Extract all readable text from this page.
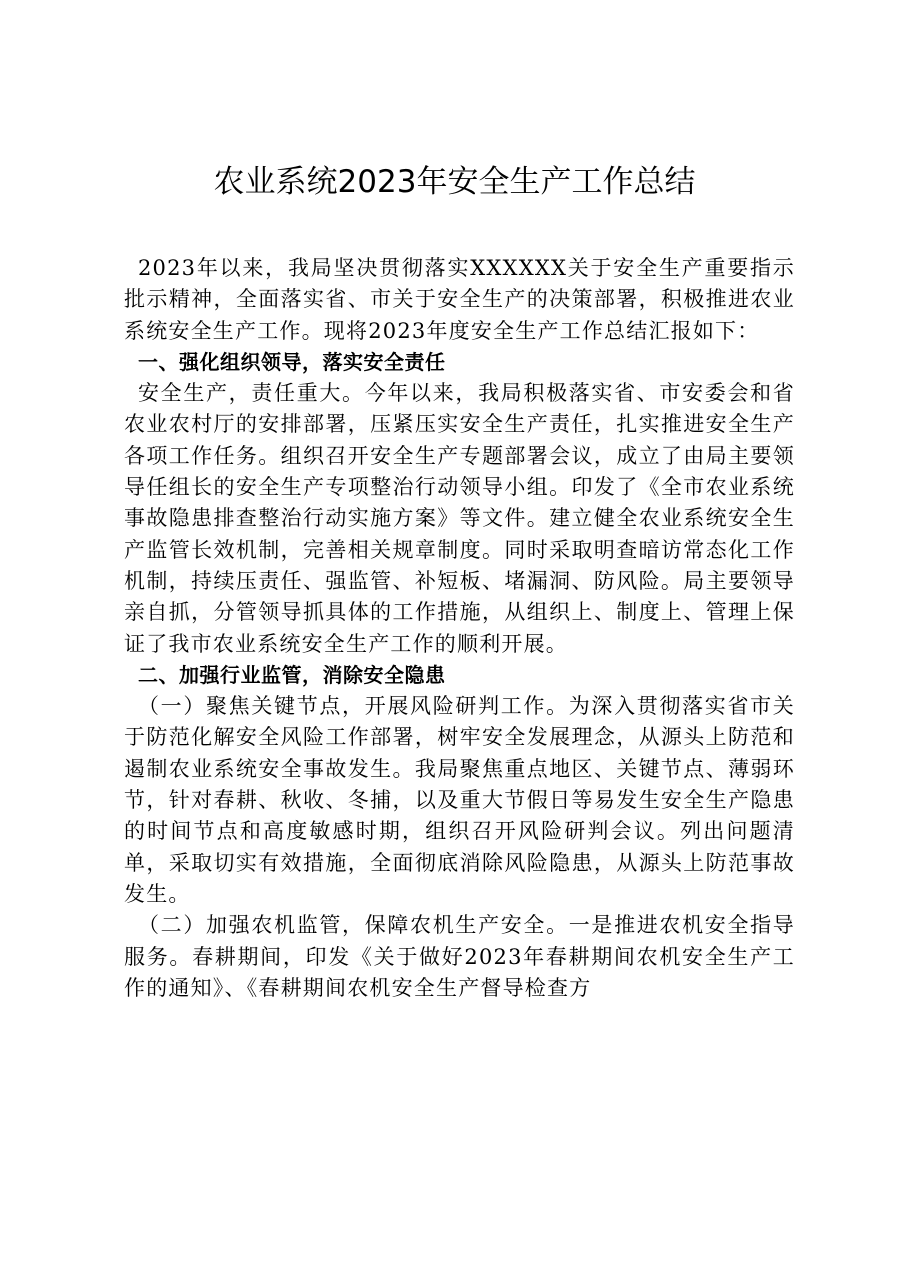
农业系统2023年安全生产工作总结

2023年以来，我局坚决贯彻落实XXXXXX关于安全生产重要指示批示精神，全面落实省、市关于安全生产的决策部署，积极推进农业系统安全生产工作。现将2023年度安全生产工作总结汇报如下：

一、强化组织领导，落实安全责任

安全生产，责任重大。今年以来，我局积极落实省、市安委会和省农业农村厅的安排部署，压紧压实安全生产责任，扎实推进安全生产各项工作任务。组织召开安全生产专题部署会议，成立了由局主要领导任组长的安全生产专项整治行动领导小组。印发了《全市农业系统事故隐患排查整治行动实施方案》等文件。建立健全农业系统安全生产监管长效机制，完善相关规章制度。同时采取明查暗访常态化工作机制，持续压责任、强监管、补短板、堵漏洞、防风险。局主要领导亲自抓，分管领导抓具体的工作措施，从组织上、制度上、管理上保证了我市农业系统安全生产工作的顺利开展。

二、加强行业监管，消除安全隐患

（一）聚焦关键节点，开展风险研判工作。为深入贯彻落实省市关于防范化解安全风险工作部署，树牢安全发展理念，从源头上防范和遏制农业系统安全事故发生。我局聚焦重点地区、关键节点、薄弱环节，针对春耕、秋收、冬捕，以及重大节假日等易发生安全生产隐患的时间节点和高度敏感时期，组织召开风险研判会议。列出问题清单，采取切实有效措施，全面彻底消除风险隐患，从源头上防范事故发生。

（二）加强农机监管，保障农机生产安全。一是推进农机安全指导服务。春耕期间，印发《关于做好2023年春耕期间农机安全生产工作的通知》、《春耕期间农机安全生产督导检查方
